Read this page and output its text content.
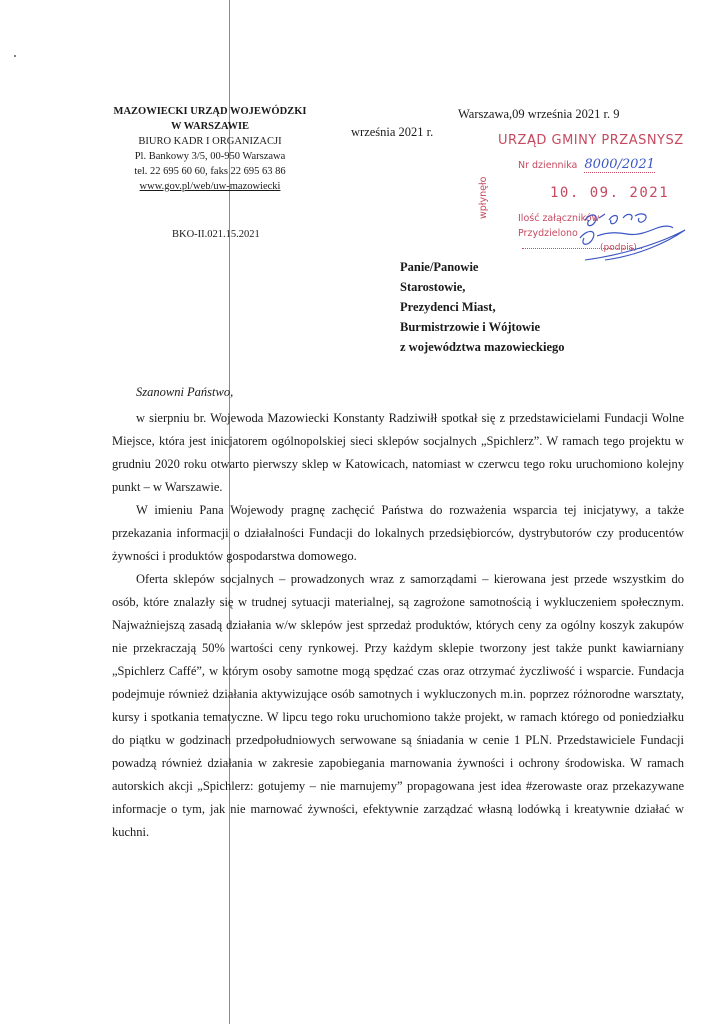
MAZOWIECKI URZĄD WOJEWÓDZKI
W WARSZAWIE
BIURO KADR I ORGANIZACJI
Pl. Bankowy 3/5, 00-950 Warszawa
tel. 22 695 60 60, faks 22 695 63 86
www.gov.pl/web/uw-mazowiecki
BKO-II.021.15.2021
września 2021 r.
Warszawa,09 września 2021 r. 9
URZĄD GMINY PRZASNYSZ
Nr dziennika 8000/2021
wpłynęło	10. 09. 2021
Ilość załączników
Przydzielono
(podpis)
Panie/Panowie
Starostowie,
Prezydenci Miast,
Burmistrzowie i Wójtowie
z województwa mazowieckiego
Szanowni Państwo,

w sierpniu br. Wojewoda Mazowiecki Konstanty Radziwiłł spotkał się z przedstawicielami Fundacji Wolne Miejsce, która jest inicjatorem ogólnopolskiej sieci sklepów socjalnych „Spichlerz”. W ramach tego projektu w grudniu 2020 roku otwarto pierwszy sklep w Katowicach, natomiast w czerwcu tego roku uruchomiono kolejny punkt – w Warszawie.

W imieniu Pana Wojewody pragnę zachęcić Państwa do rozważenia wsparcia tej inicjatywy, a także przekazania informacji o działalności Fundacji do lokalnych przedsiębiorców, dystrybutorów czy producentów żywności i produktów gospodarstwa domowego.

Oferta sklepów socjalnych – prowadzonych wraz z samorządami – kierowana jest przede wszystkim do osób, które znalazły się w trudnej sytuacji materialnej, są zagrożone samotnością i wykluczeniem społecznym. Najważniejszą zasadą działania w/w sklepów jest sprzedaż produktów, których ceny za ogólny koszyk zakupów nie przekraczają 50% wartości ceny rynkowej. Przy każdym sklepie tworzony jest także punkt kawiarniany „Spichlerz Caffé”, w którym osoby samotne mogą spędzać czas oraz otrzymać życzliwość i wsparcie. Fundacja podejmuje również działania aktywizujące osób samotnych i wykluczonych m.in. poprzez różnorodne warsztaty, kursy i spotkania tematyczne. W lipcu tego roku uruchomiono także projekt, w ramach którego od poniedziałku do piątku w godzinach przedpołudniowych serwowane są śniadania w cenie 1 PLN. Przedstawiciele Fundacji powadzą również działania w zakresie zapobiegania marnowania żywności i ochrony środowiska. W ramach autorskich akcji „Spichlerz: gotujemy – nie marnujemy” propagowana jest idea #zerowaste oraz przekazywane informacje o tym, jak nie marnować żywności, efektywnie zarządzać własną lodówką i kreatywnie działać w kuchni.
